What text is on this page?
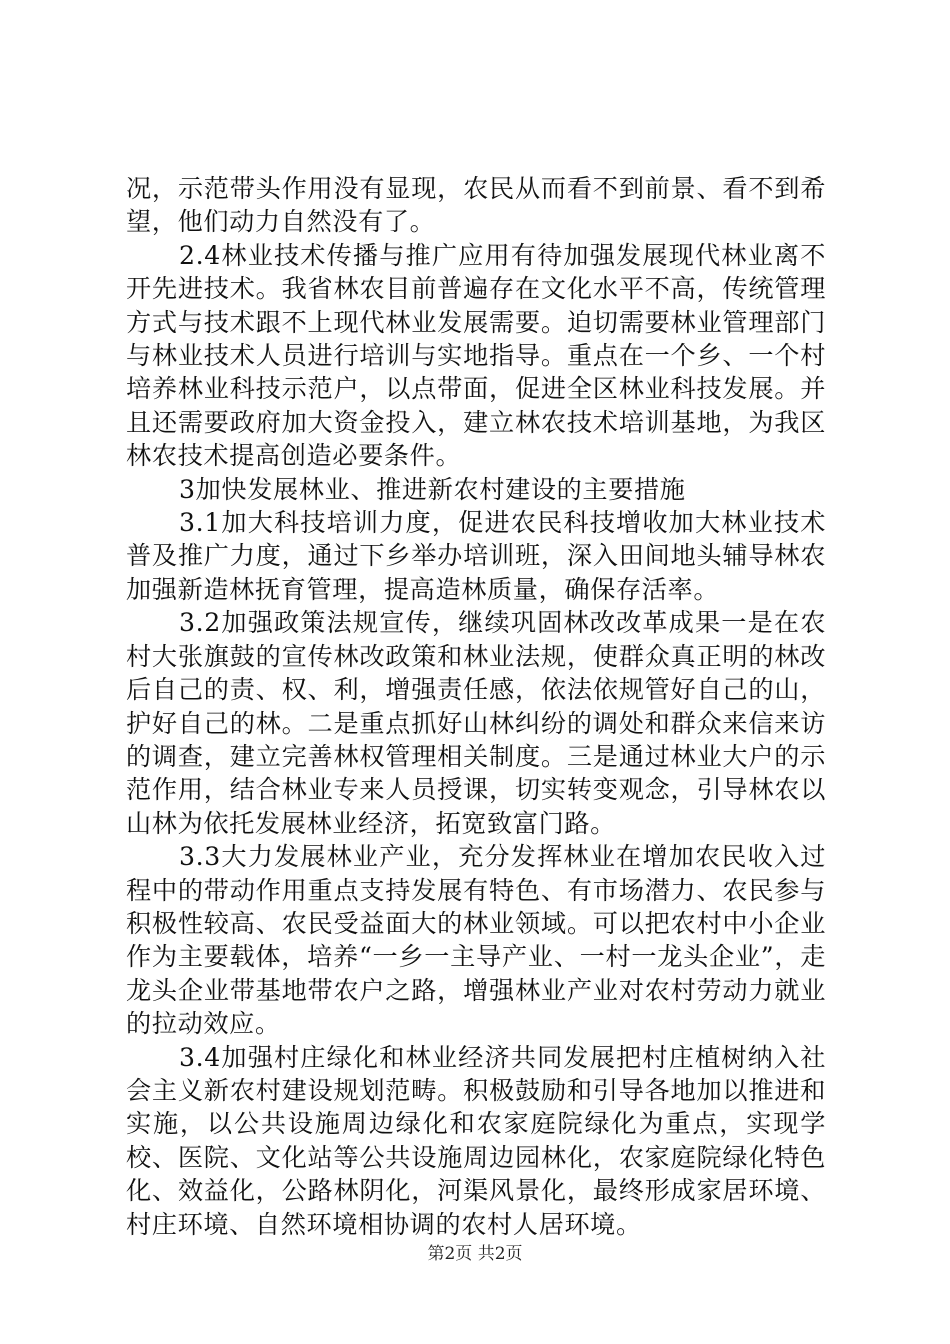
况，示范带头作用没有显现，农民从而看不到前景、看不到希望，他们动力自然没有了。

2.4林业技术传播与推广应用有待加强发展现代林业离不开先进技术。我省林农目前普遍存在文化水平不高，传统管理方式与技术跟不上现代林业发展需要。迫切需要林业管理部门与林业技术人员进行培训与实地指导。重点在一个乡、一个村培养林业科技示范户，以点带面，促进全区林业科技发展。并且还需要政府加大资金投入，建立林农技术培训基地，为我区林农技术提高创造必要条件。

3加快发展林业、推进新农村建设的主要措施

3.1加大科技培训力度，促进农民科技增收加大林业技术普及推广力度，通过下乡举办培训班，深入田间地头辅导林农加强新造林抚育管理，提高造林质量，确保存活率。

3.2加强政策法规宣传，继续巩固林改改革成果一是在农村大张旗鼓的宣传林改政策和林业法规，使群众真正明的林改后自己的责、权、利，增强责任感，依法依规管好自己的山，护好自己的林。二是重点抓好山林纠纷的调处和群众来信来访的调查，建立完善林权管理相关制度。三是通过林业大户的示范作用，结合林业专来人员授课，切实转变观念，引导林农以山林为依托发展林业经济，拓宽致富门路。

3.3大力发展林业产业，充分发挥林业在增加农民收入过程中的带动作用重点支持发展有特色、有市场潜力、农民参与积极性较高、农民受益面大的林业领域。可以把农村中小企业作为主要载体，培养“一乡一主导产业、一村一龙头企业”，走龙头企业带基地带农户之路，增强林业产业对农村劳动力就业的拉动效应。

3.4加强村庄绿化和林业经济共同发展把村庄植树纳入社会主义新农村建设规划范畴。积极鼓励和引导各地加以推进和实施，以公共设施周边绿化和农家庭院绿化为重点，实现学校、医院、文化站等公共设施周边园林化，农家庭院绿化特色化、效益化，公路林阴化，河渠风景化，最终形成家居环境、村庄环境、自然环境相协调的农村人居环境。

第2页 共2页
